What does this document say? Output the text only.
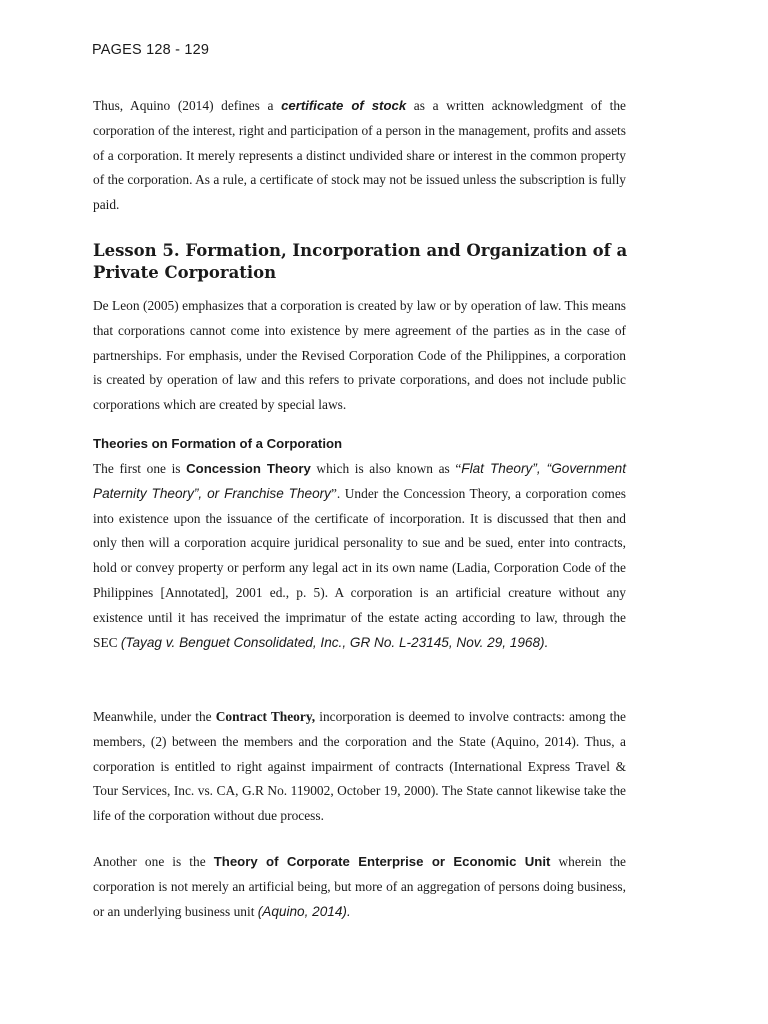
PAGES 128 - 129

Thus, Aquino (2014) defines a certificate of stock as a written acknowledgment of the corporation of the interest, right and participation of a person in the management, profits and assets of a corporation. It merely represents a distinct undivided share or interest in the common property of the corporation. As a rule, a certificate of stock may not be issued unless the subscription is fully paid.

Lesson 5. Formation, Incorporation and Organization of a Private Corporation

De Leon (2005) emphasizes that a corporation is created by law or by operation of law. This means that corporations cannot come into existence by mere agreement of the parties as in the case of partnerships. For emphasis, under the Revised Corporation Code of the Philippines, a corporation is created by operation of law and this refers to private corporations, and does not include public corporations which are created by special laws.

Theories on Formation of a Corporation

The first one is Concession Theory which is also known as “Flat Theory”, “Government Paternity Theory”, or Franchise Theory”. Under the Concession Theory, a corporation comes into existence upon the issuance of the certificate of incorporation. It is discussed that then and only then will a corporation acquire juridical personality to sue and be sued, enter into contracts, hold or convey property or perform any legal act in its own name (Ladia, Corporation Code of the Philippines [Annotated], 2001 ed., p. 5). A corporation is an artificial creature without any existence until it has received the imprimatur of the estate acting according to law, through the SEC (Tayag v. Benguet Consolidated, Inc., GR No. L-23145, Nov. 29, 1968).

Meanwhile, under the Contract Theory, incorporation is deemed to involve contracts: among the members, (2) between the members and the corporation and the State (Aquino, 2014). Thus, a corporation is entitled to right against impairment of contracts (International Express Travel & Tour Services, Inc. vs. CA, G.R No. 119002, October 19, 2000). The State cannot likewise take the life of the corporation without due process.

Another one is the Theory of Corporate Enterprise or Economic Unit wherein the corporation is not merely an artificial being, but more of an aggregation of persons doing business, or an underlying business unit (Aquino, 2014).
